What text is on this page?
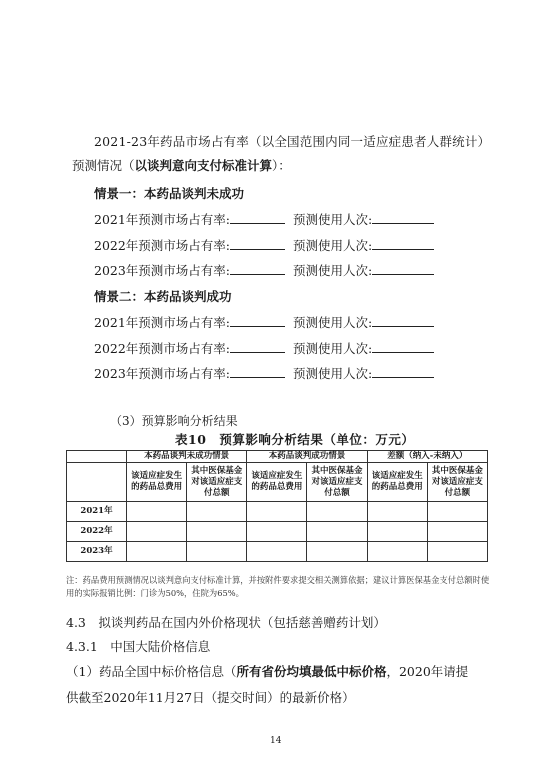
2021-23年药品市场占有率（以全国范围内同一适应症患者人群统计）
预测情况（以谈判意向支付标准计算）：
情景一：本药品谈判未成功
2021年预测市场占有率:	预测使用人次:
2022年预测市场占有率:	预测使用人次:
2023年预测市场占有率:	预测使用人次:
情景二：本药品谈判成功
2021年预测市场占有率:	预测使用人次:
2022年预测市场占有率:	预测使用人次:
2023年预测市场占有率:	预测使用人次:
（3）预算影响分析结果
表10　预算影响分析结果（单位：万元）
	本药品谈判未成功情景		本药品谈判成功情景		差额（纳入-未纳入）	
	该适应症发生的药品总费用	其中医保基金对该适应症支付总额	该适应症发生的药品总费用	其中医保基金对该适应症支付总额	该适应症发生的药品总费用	其中医保基金对该适应症支付总额
2021年						
2022年						
2023年						
注：药品费用预测情况以谈判意向支付标准计算，并按附件要求提交相关测算依据；建议计算医保基金支付总额时使用的实际报销比例：门诊为50%，住院为65%。
4.3　拟谈判药品在国内外价格现状（包括慈善赠药计划）
4.3.1　中国大陆价格信息
（1）药品全国中标价格信息（所有省份均填最低中标价格，2020年请提
供截至2020年11月27日（提交时间）的最新价格）
14
